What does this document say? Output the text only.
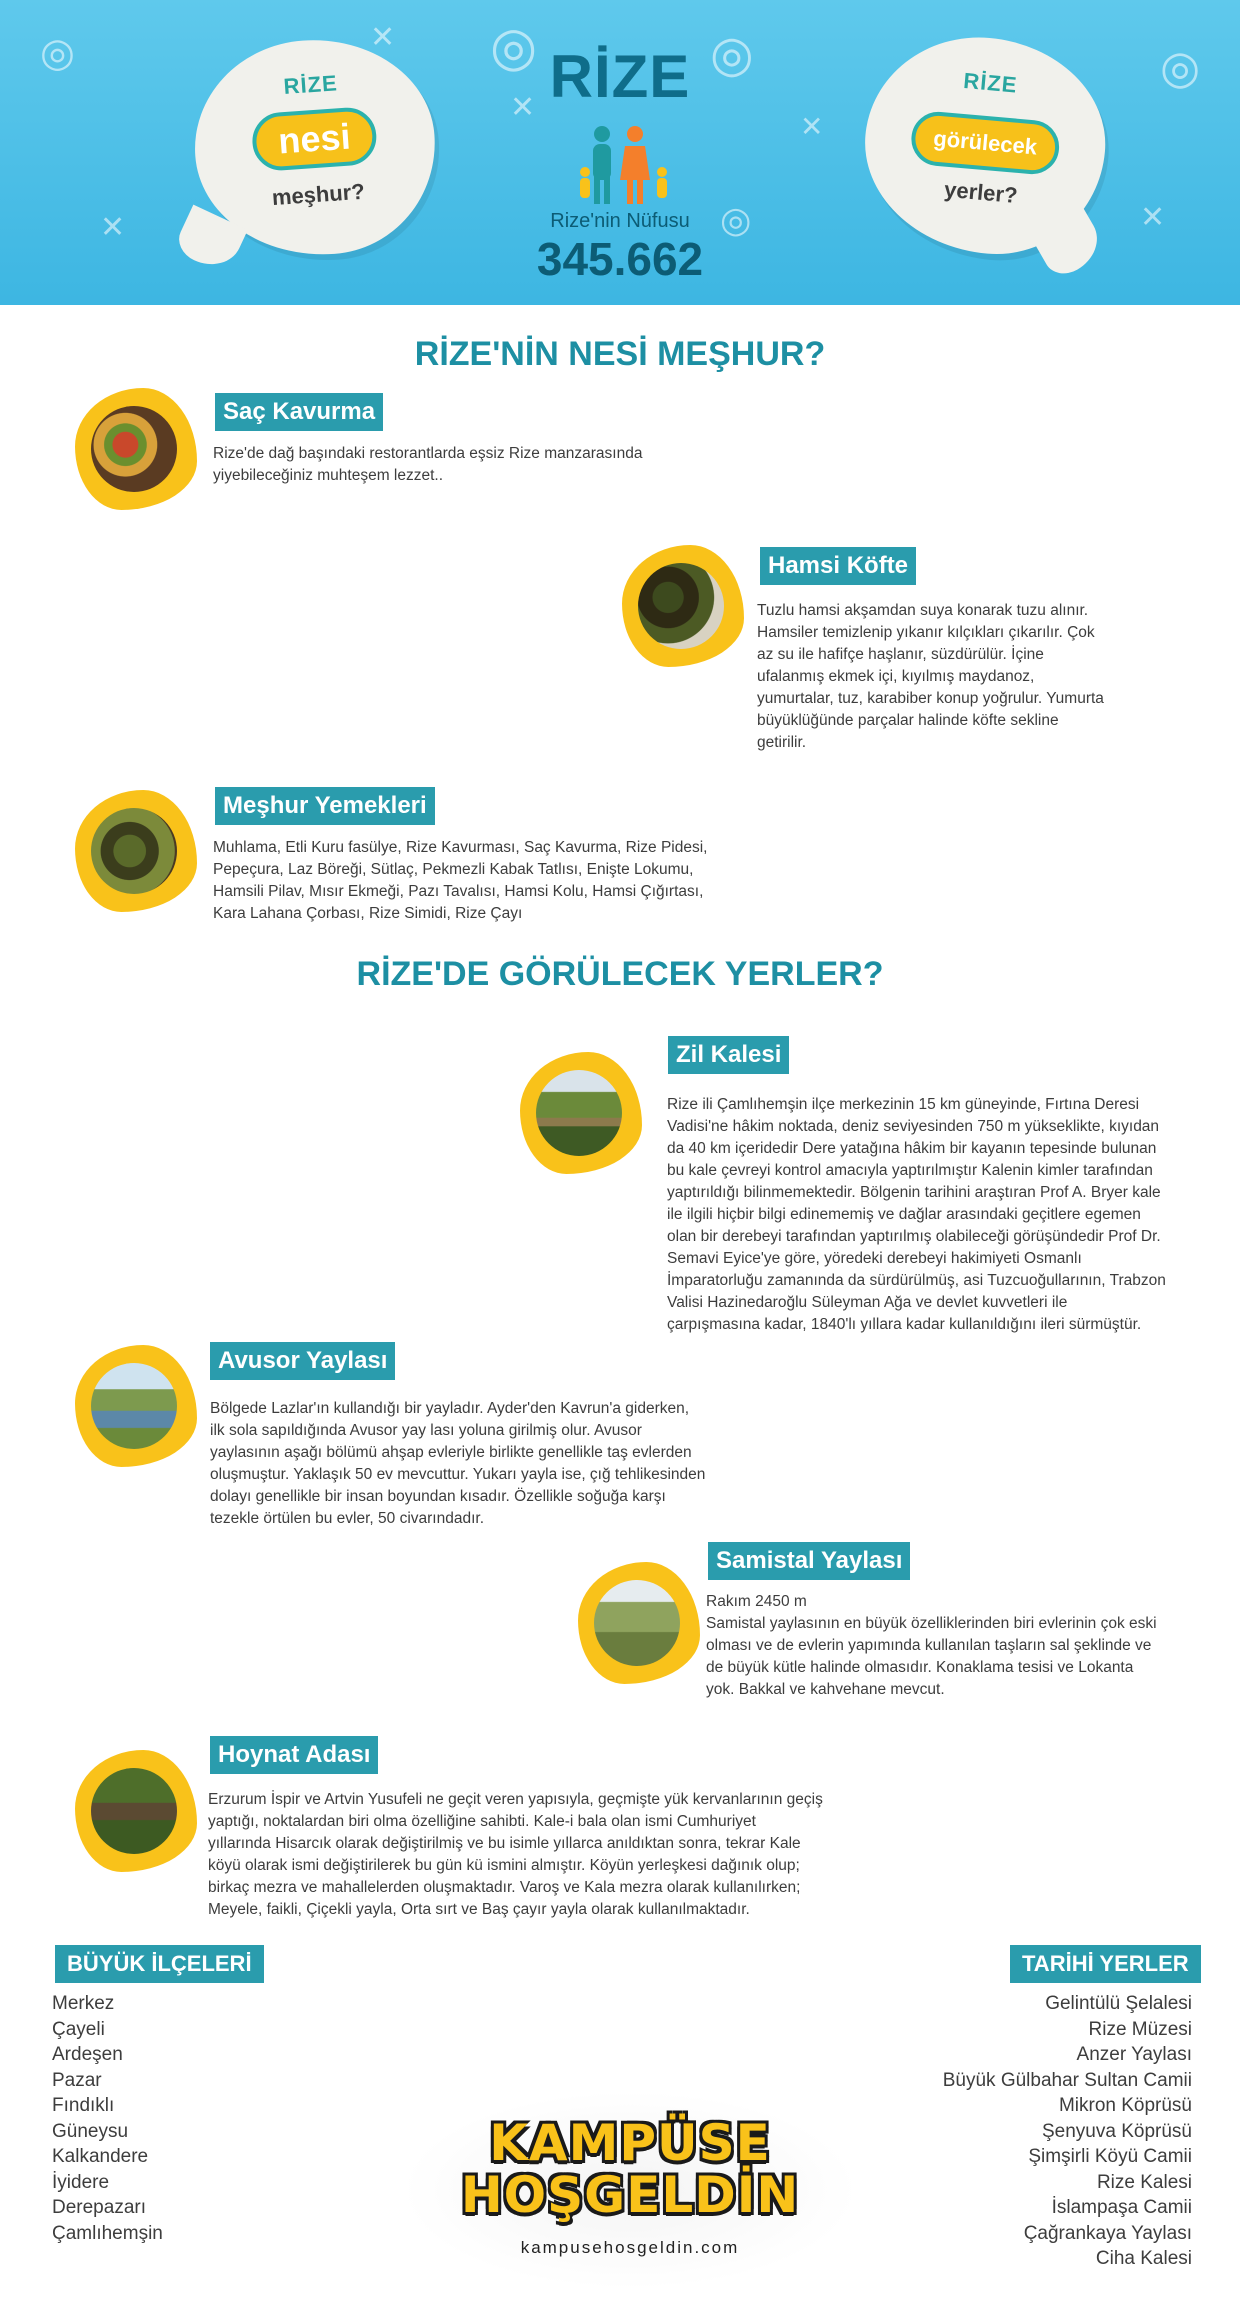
◎	✕ ◎
✕
◎
✕
◎
✕
✕	◎
RİZE
nesi
meşhur?
RİZE
Rize'nin Nüfusu
345.662
RİZE
görülecek
yerler?
RİZE'NİN NESİ MEŞHUR?
Saç Kavurma
Rize'de dağ başındaki restorantlarda eşsiz Rize manzarasında
yiyebileceğiniz muhteşem lezzet..
Hamsi Köfte
Tuzlu hamsi akşamdan suya konarak tuzu alınır.
Hamsiler temizlenip yıkanır kılçıkları çıkarılır. Çok
az su ile hafifçe haşlanır, süzdürülür. İçine
ufalanmış ekmek içi, kıyılmış maydanoz,
yumurtalar, tuz, karabiber konup yoğrulur. Yumurta
büyüklüğünde parçalar halinde köfte sekline
getirilir.
Meşhur Yemekleri
Muhlama, Etli Kuru fasülye, Rize Kavurması, Saç Kavurma, Rize Pidesi,
Pepeçura, Laz Böreği, Sütlaç, Pekmezli Kabak Tatlısı, Enişte Lokumu,
Hamsili Pilav, Mısır Ekmeği, Pazı Tavalısı, Hamsi Kolu, Hamsi Çığırtası,
Kara Lahana Çorbası, Rize Simidi, Rize Çayı
RİZE'DE GÖRÜLECEK YERLER?
Zil Kalesi
Rize ili Çamlıhemşin ilçe merkezinin 15 km güneyinde, Fırtına Deresi
Vadisi'ne hâkim noktada, deniz seviyesinden 750 m yükseklikte, kıyıdan
da 40 km içeridedir Dere yatağına hâkim bir kayanın tepesinde bulunan
bu kale çevreyi kontrol amacıyla yaptırılmıştır Kalenin kimler tarafından
yaptırıldığı bilinmemektedir. Bölgenin tarihini araştıran Prof A. Bryer kale
ile ilgili hiçbir bilgi edinememiş ve dağlar arasındaki geçitlere egemen
olan bir derebeyi tarafından yaptırılmış olabileceği görüşündedir Prof Dr.
Semavi Eyice'ye göre, yöredeki derebeyi hakimiyeti Osmanlı
İmparatorluğu zamanında da sürdürülmüş, asi Tuzcuoğullarının, Trabzon
Valisi Hazinedaroğlu Süleyman Ağa ve devlet kuvvetleri ile
çarpışmasına kadar, 1840'lı yıllara kadar kullanıldığını ileri sürmüştür.
Avusor Yaylası
Bölgede Lazlar'ın kullandığı bir yayladır. Ayder'den Kavrun'a giderken,
ilk sola sapıldığında Avusor yay lası yoluna girilmiş olur. Avusor
yaylasının aşağı bölümü ahşap evleriyle birlikte genellikle taş evlerden
oluşmuştur. Yaklaşık 50 ev mevcuttur. Yukarı yayla ise, çığ tehlikesinden
dolayı genellikle bir insan boyundan kısadır. Özellikle soğuğa karşı
tezekle örtülen bu evler, 50 civarındadır.
Samistal Yaylası
Rakım 2450 m
Samistal yaylasının en büyük özelliklerinden biri evlerinin çok eski
olması ve de evlerin yapımında kullanılan taşların sal şeklinde ve
de büyük kütle halinde olmasıdır. Konaklama tesisi ve Lokanta
yok. Bakkal ve kahvehane mevcut.
Hoynat Adası
Erzurum İspir ve Artvin Yusufeli ne geçit veren yapısıyla, geçmişte yük kervanlarının geçiş
yaptığı, noktalardan biri olma özelliğine sahibti. Kale-i bala olan ismi Cumhuriyet
yıllarında Hisarcık olarak değiştirilmiş ve bu isimle yıllarca anıldıktan sonra, tekrar Kale
köyü olarak ismi değiştirilerek bu gün kü ismini almıştır. Köyün yerleşkesi dağınık olup;
birkaç mezra ve mahallelerden oluşmaktadır. Varoş ve Kala mezra olarak kullanılırken;
Meyele, faikli, Çiçekli yayla, Orta sırt ve Baş çayır yayla olarak kullanılmaktadır.
BÜYÜK İLÇELERİ
Merkez
Çayeli
Ardeşen
Pazar
Fındıklı
Güneysu
Kalkandere
İyidere
Derepazarı
Çamlıhemşin
TARİHİ YERLER
Gelintülü Şelalesi
Rize Müzesi
Anzer Yaylası
Büyük Gülbahar Sultan Camii
Mikron Köprüsü
Şenyuva Köprüsü
Şimşirli Köyü Camii
Rize Kalesi
İslampaşa Camii
Çağrankaya Yaylası
Ciha Kalesi
KAMPÜSE
HOŞGELDİN
kampusehosgeldin.com
